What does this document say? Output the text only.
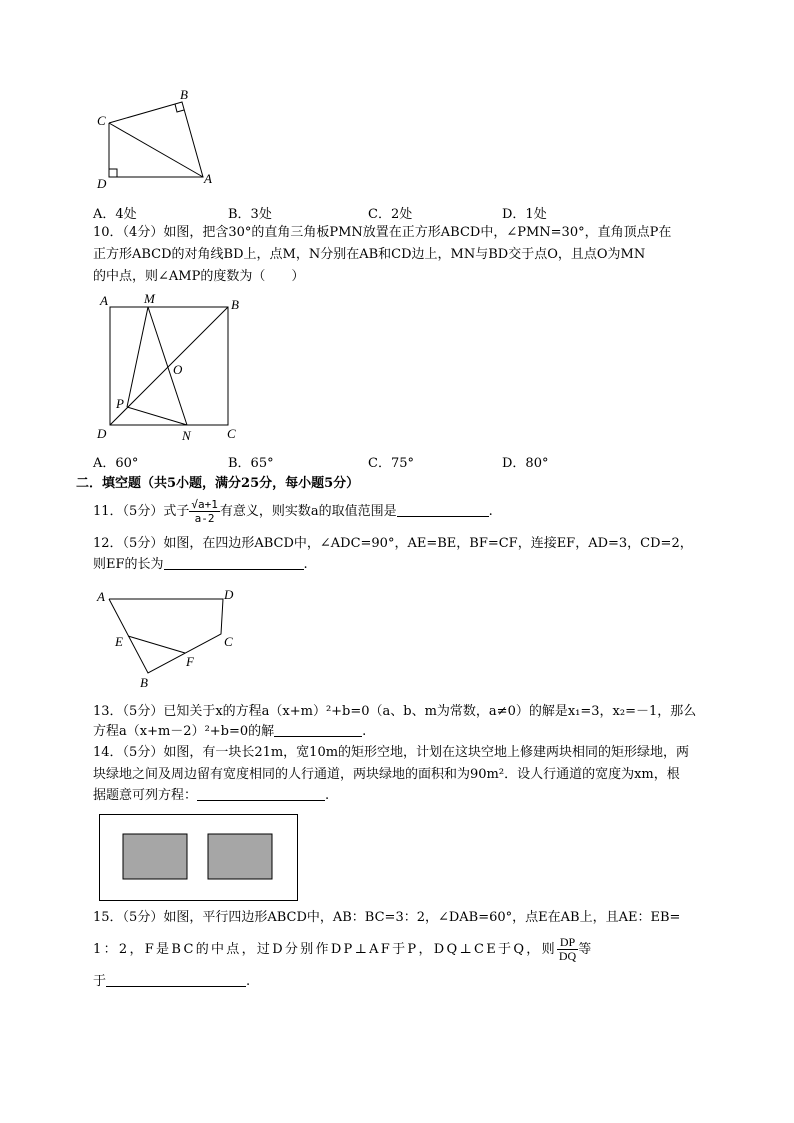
B
C
D	A
A．4处	B．3处	C．2处	D．1处
10．（4分）如图，把含30°的直角三角板PMN放置在正方形ABCD中，∠PMN=30°，直角顶点P在
正方形ABCD的对角线BD上，点M，N分别在AB和CD边上，MN与BD交于点O，且点O为MN
的中点，则∠AMP的度数为（　　）
A	M	B
O
P
D	N	C
A．60°	B．65°	C．75°	D．80°
二．填空题（共5小题，满分25分，每小题5分）
11．（5分）式子 $\frac{√a+1}{a-2}$ 有意义，则实数a的取值范围是	.
12．（5分）如图，在四边形ABCD中，∠ADC=90°，AE=BE，BF=CF，连接EF，AD=3，CD=2，
则EF的长为	.
A	D
E	C
F
B
13．（5分）已知关于x的方程a（x+m）²+b=0（a、b、m为常数，a≠0）的解是x₁=3，x₂=－1，那么
方程a（x+m－2）²+b=0的解	.
14．（5分）如图，有一块长21m，宽10m的矩形空地，计划在这块空地上修建两块相同的矩形绿地，两
块绿地之间及周边留有宽度相同的人行通道，两块绿地的面积和为90m²．设人行通道的宽度为xm，根
据题意可列方程：	.
15．（5分）如图，平行四边形ABCD中，AB：BC=3：2，∠DAB=60°，点E在AB上，且AE：EB=
1：2，F是BC的中点，过D分别作DP⊥AF于P，DQ⊥CE于Q，则 $\frac{DP}{DQ}$ 等
于	.
